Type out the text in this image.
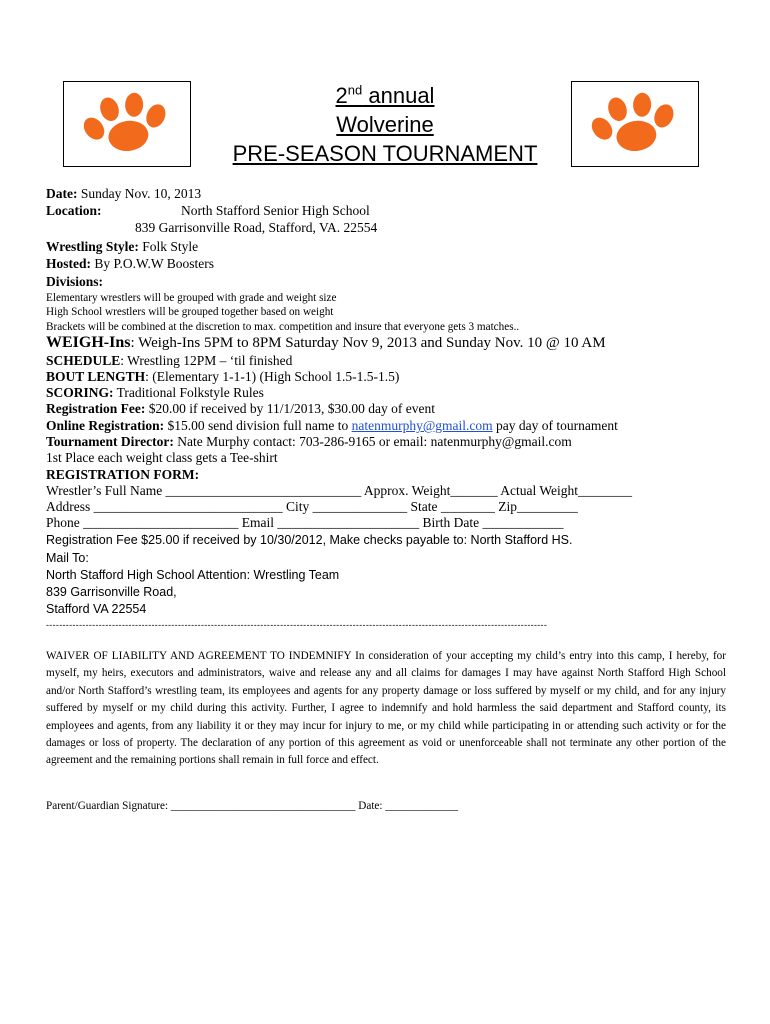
2nd annual
Wolverine
PRE-SEASON TOURNAMENT
Date: Sunday Nov. 10, 2013
Location:	North Stafford Senior High School
839 Garrisonville Road, Stafford, VA. 22554
Wrestling Style: Folk Style
Hosted: By P.O.W.W Boosters
Divisions:
Elementary wrestlers will be grouped with grade and weight size
High School wrestlers will be grouped together based on weight
Brackets will be combined at the discretion to max. competition and insure that everyone gets 3 matches..
WEIGH-Ins: Weigh-Ins 5PM to 8PM Saturday Nov 9, 2013 and Sunday Nov. 10 @ 10 AM
SCHEDULE: Wrestling 12PM – ‘til finished
BOUT LENGTH: (Elementary 1-1-1) (High School 1.5-1.5-1.5)
SCORING: Traditional Folkstyle Rules
Registration Fee: $20.00 if received by 11/1/2013, $30.00 day of event
Online Registration: $15.00 send division full name to natenmurphy@gmail.com pay day of tournament
Tournament Director: Nate Murphy contact: 703-286-9165 or email: natenmurphy@gmail.com
1st Place each weight class gets a Tee-shirt
REGISTRATION FORM:
Wrestler’s Full Name _____________________________ Approx. Weight_______ Actual Weight________
Address ____________________________ City ______________ State ________ Zip_________
Phone _______________________ Email _____________________ Birth Date ____________
Registration Fee $25.00 if received by 10/30/2012, Make checks payable to: North Stafford HS.
Mail To:
North Stafford High School Attention: Wrestling Team
839 Garrisonville Road,
Stafford VA 22554
--------------------------------------------------------------------------------------------------------------------------------------------------------
WAIVER OF LIABILITY AND AGREEMENT TO INDEMNIFY In consideration of your accepting my child’s entry into this camp, I hereby, for myself, my heirs, executors and administrators, waive and release any and all claims for damages I may have against North Stafford High School and/or North Stafford’s wrestling team, its employees and agents for any property damage or loss suffered by myself or my child, and for any injury suffered by myself or my child during this activity. Further, I agree to indemnify and hold harmless the said department and Stafford county, its employees and agents, from any liability it or they may incur for injury to me, or my child while participating in or attending such activity or for the damages or loss of property. The declaration of any portion of this agreement as void or unenforceable shall not terminate any other portion of the agreement and the remaining portions shall remain in full force and effect.
Parent/Guardian Signature: _________________________________ Date: _____________
